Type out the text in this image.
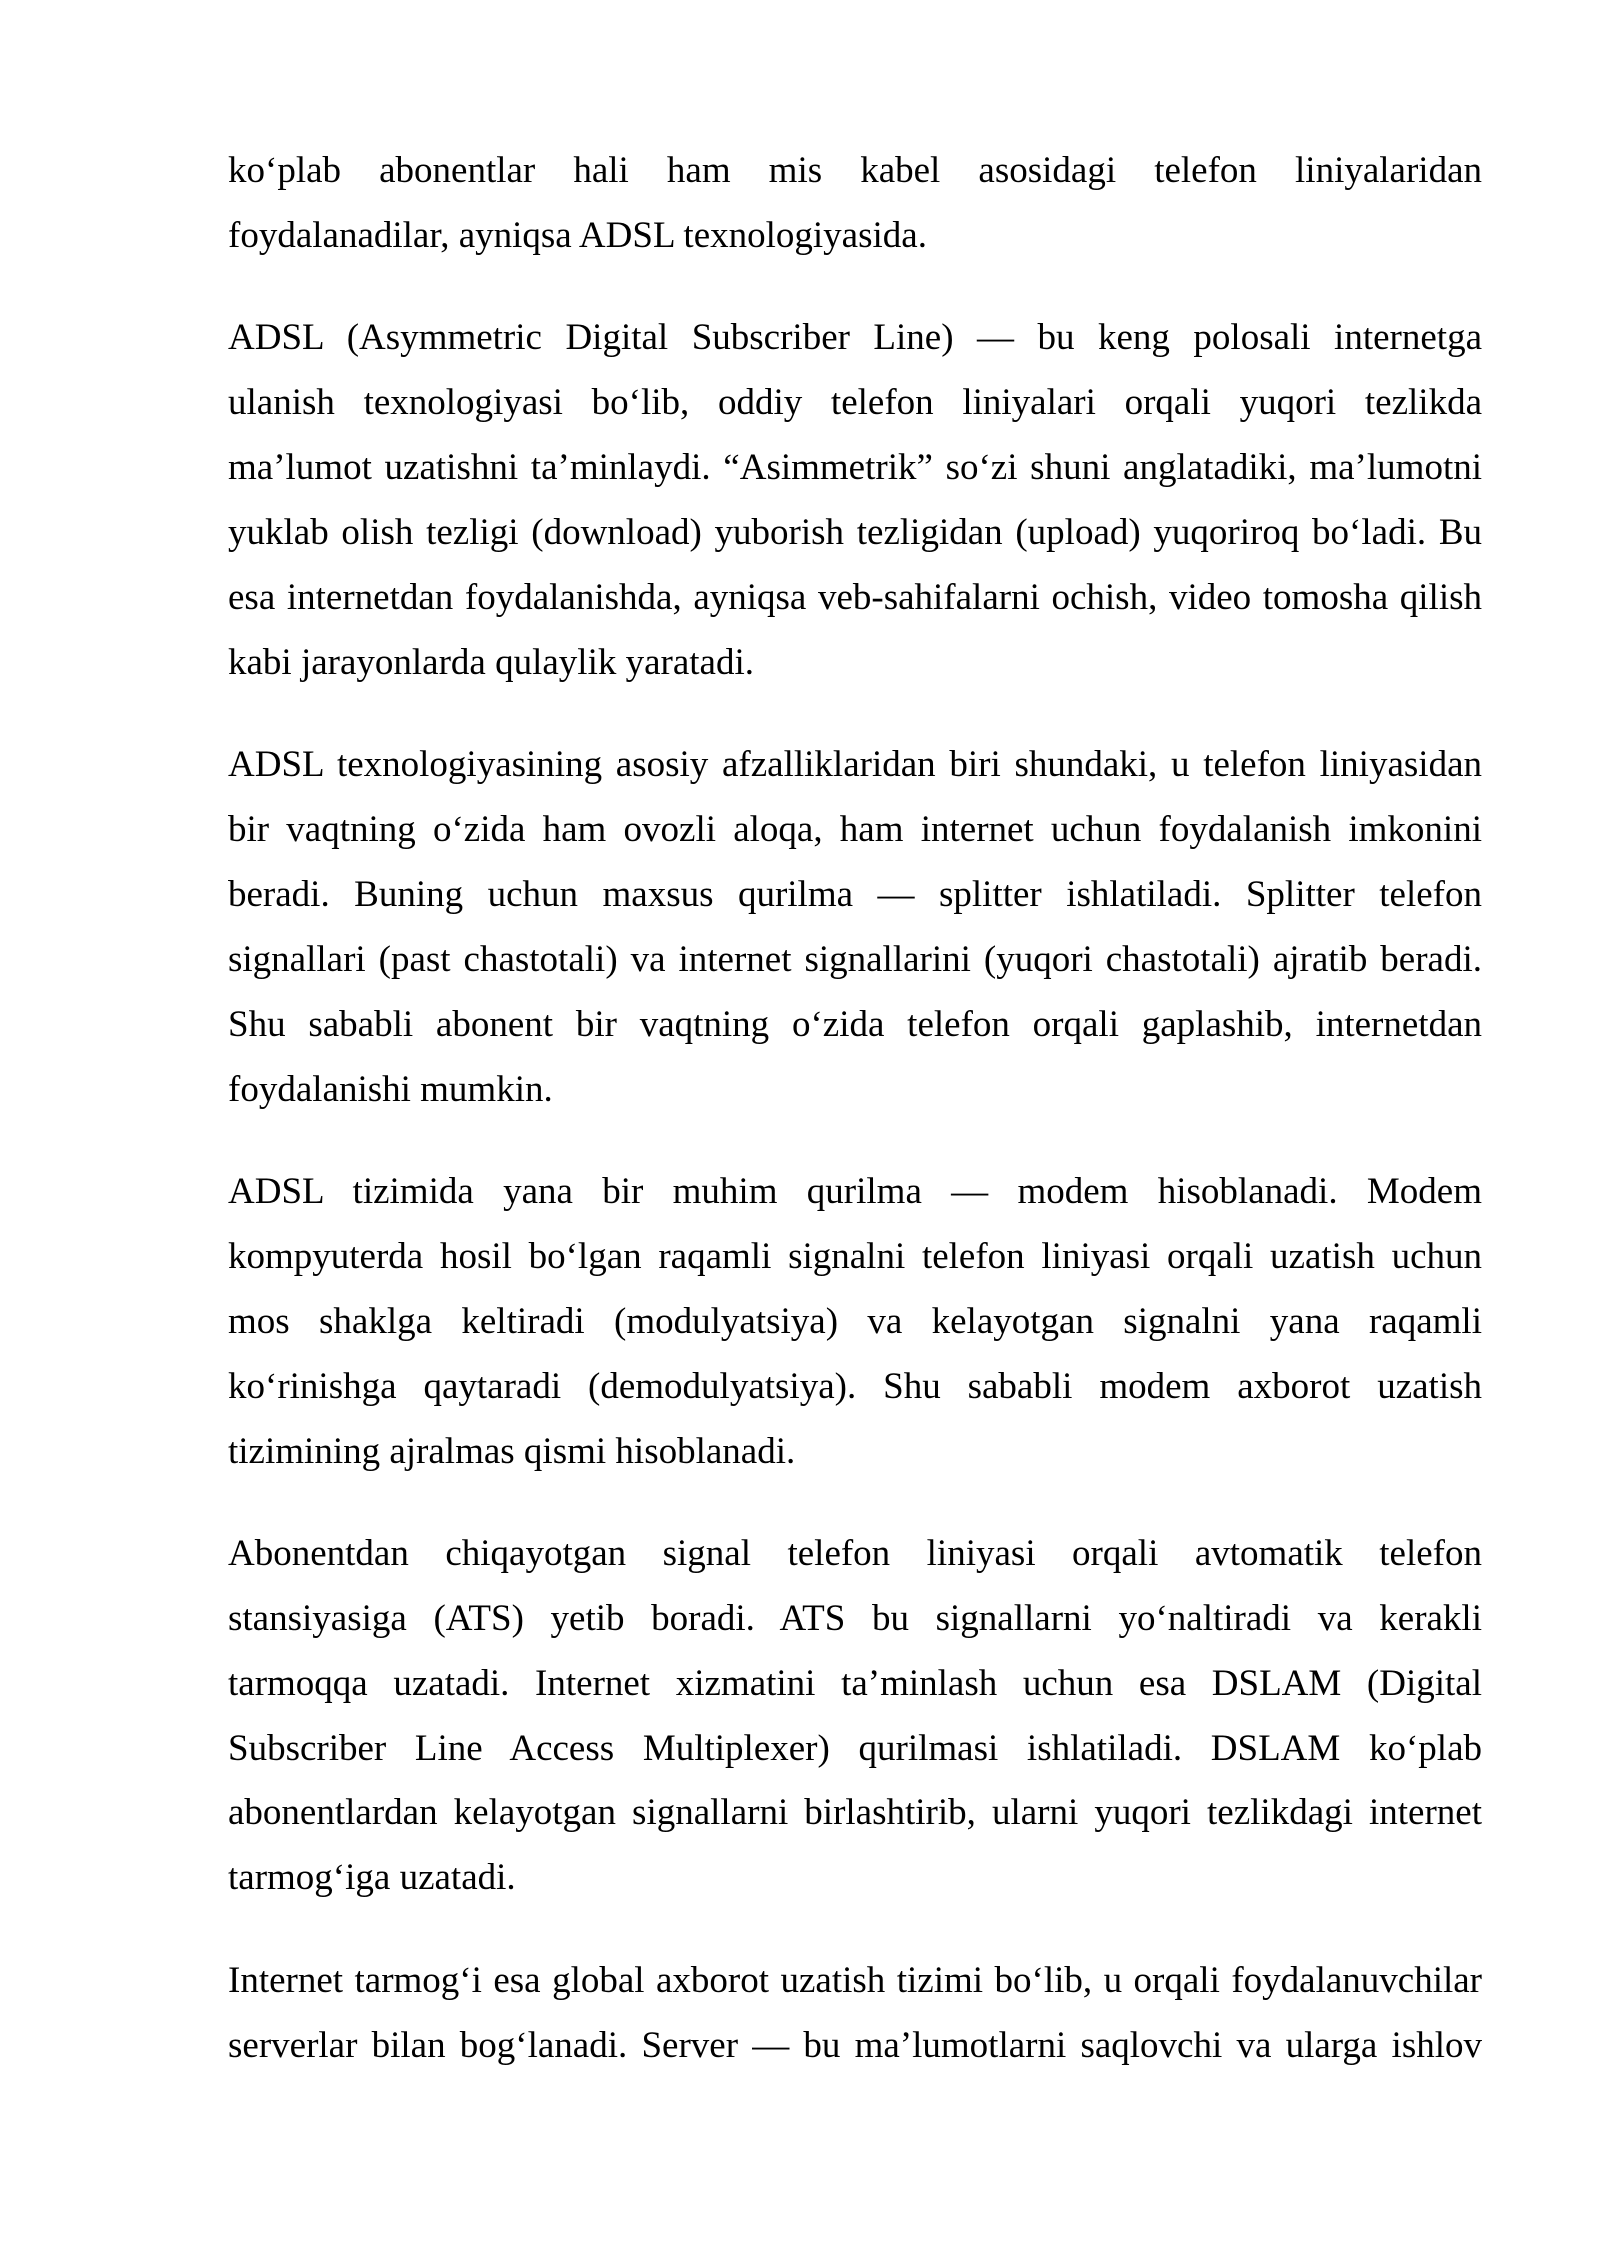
ko‘plab abonentlar hali ham mis kabel asosidagi telefon liniyalaridan
foydalanadilar, ayniqsa ADSL texnologiyasida.
ADSL (Asymmetric Digital Subscriber Line) — bu keng polosali internetga
ulanish texnologiyasi bo‘lib, oddiy telefon liniyalari orqali yuqori tezlikda
ma’lumot uzatishni ta’minlaydi. “Asimmetrik” so‘zi shuni anglatadiki, ma’lumotni
yuklab olish tezligi (download) yuborish tezligidan (upload) yuqoriroq bo‘ladi. Bu
esa internetdan foydalanishda, ayniqsa veb-sahifalarni ochish, video tomosha qilish
kabi jarayonlarda qulaylik yaratadi.
ADSL texnologiyasining asosiy afzalliklaridan biri shundaki, u telefon liniyasidan
bir vaqtning o‘zida ham ovozli aloqa, ham internet uchun foydalanish imkonini
beradi. Buning uchun maxsus qurilma — splitter ishlatiladi. Splitter telefon
signallari (past chastotali) va internet signallarini (yuqori chastotali) ajratib beradi.
Shu sababli abonent bir vaqtning o‘zida telefon orqali gaplashib, internetdan
foydalanishi mumkin.
ADSL tizimida yana bir muhim qurilma — modem hisoblanadi. Modem
kompyuterda hosil bo‘lgan raqamli signalni telefon liniyasi orqali uzatish uchun
mos shaklga keltiradi (modulyatsiya) va kelayotgan signalni yana raqamli
ko‘rinishga qaytaradi (demodulyatsiya). Shu sababli modem axborot uzatish
tizimining ajralmas qismi hisoblanadi.
Abonentdan chiqayotgan signal telefon liniyasi orqali avtomatik telefon
stansiyasiga (ATS) yetib boradi. ATS bu signallarni yo‘naltiradi va kerakli
tarmoqqa uzatadi. Internet xizmatini ta’minlash uchun esa DSLAM (Digital
Subscriber Line Access Multiplexer) qurilmasi ishlatiladi. DSLAM ko‘plab
abonentlardan kelayotgan signallarni birlashtirib, ularni yuqori tezlikdagi internet
tarmog‘iga uzatadi.
Internet tarmog‘i esa global axborot uzatish tizimi bo‘lib, u orqali foydalanuvchilar
serverlar bilan bog‘lanadi. Server — bu ma’lumotlarni saqlovchi va ularga ishlov
